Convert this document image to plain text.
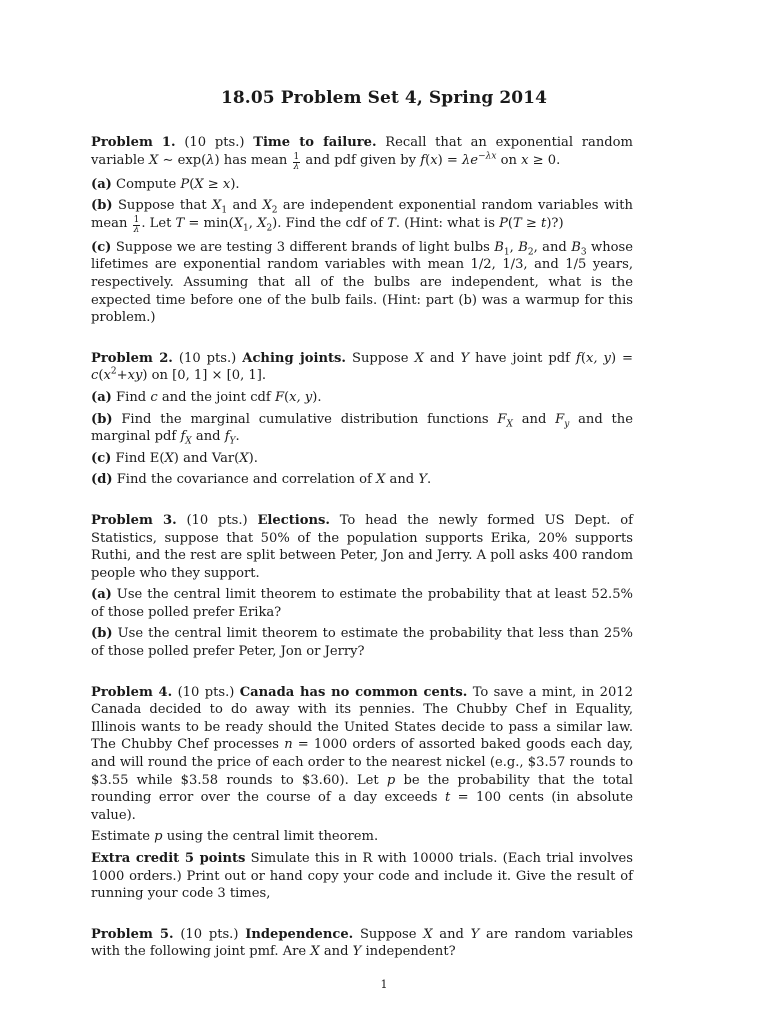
18.05 Problem Set 4, Spring 2014

Problem 1. (10 pts.) Time to failure. Recall that an exponential random variable X ∼ exp(λ) has mean $\frac{1}{\lambda}$ and pdf given by $f(x) = \lambda e^{-\lambda x}$ on x ≥ 0.

(a) Compute P(X ≥ x).

(b) Suppose that $X_1$ and $X_2$ are independent exponential random variables with mean $\frac{1}{\lambda}$ . Let $T = \min(X_1$, $X_2$). Find the cdf of T. (Hint: what is P(T ≥ t)?)

(c) Suppose we are testing 3 different brands of light bulbs $B_1$, $B_2$, and $B_3$ whose lifetimes are exponential random variables with mean 1/2, 1/3, and 1/5 years, respectively. Assuming that all of the bulbs are independent, what is the expected time before one of the bulb fails. (Hint: part (b) was a warmup for this problem.)

Problem 2. (10 pts.) Aching joints. Suppose X and Y have joint pdf f(x, $y) = c(x^2+xy)$ on [0, 1] × [0, 1].

(a) Find c and the joint cdf F(x, y).

(b) Find the marginal cumulative distribution functions $F_X$ and $F_y$ and the marginal pdf $f_X$ and $f_Y$.

(c) Find E(X) and Var(X).

(d) Find the covariance and correlation of X and Y.

Problem 3. (10 pts.) Elections. To head the newly formed US Dept. of Statistics, suppose that 50% of the population supports Erika, 20% supports Ruthi, and the rest are split between Peter, Jon and Jerry. A poll asks 400 random people who they support.

(a) Use the central limit theorem to estimate the probability that at least 52.5% of those polled prefer Erika?

(b) Use the central limit theorem to estimate the probability that less than 25% of those polled prefer Peter, Jon or Jerry?

Problem 4. (10 pts.) Canada has no common cents. To save a mint, in 2012 Canada decided to do away with its pennies. The Chubby Chef in Equality, Illinois wants to be ready should the United States decide to pass a similar law. The Chubby Chef processes n = 1000 orders of assorted baked goods each day, and will round the price of each order to the nearest nickel (e.g., $3.57 rounds to $3.55 while $3.58 rounds to $3.60). Let p be the probability that the total rounding error over the course of a day exceeds t = 100 cents (in absolute value).

Estimate p using the central limit theorem.

Extra credit 5 points Simulate this in R with 10000 trials. (Each trial involves 1000 orders.) Print out or hand copy your code and include it. Give the result of running your code 3 times,

Problem 5. (10 pts.) Independence. Suppose X and Y are random variables with the following joint pmf. Are X and Y independent?

1
